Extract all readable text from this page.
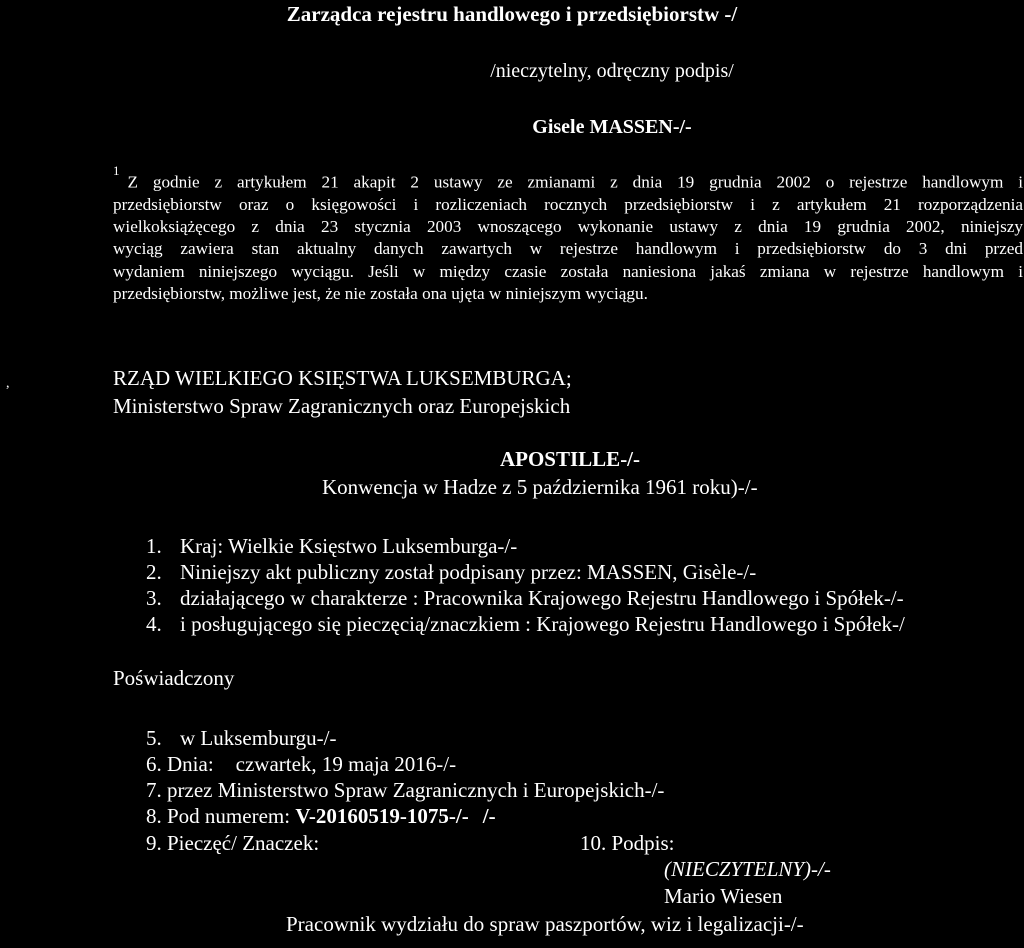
,
Zarządca rejestru handlowego i przedsiębiorstw -/
/nieczytelny, odręczny podpis/
Gisele MASSEN-/-
$^1$Z godnie z artykułem 21 akapit 2 ustawy ze zmianami z dnia 19 grudnia 2002 o rejestrze handlowym i
przedsiębiorstw oraz o księgowości i rozliczeniach rocznych przedsiębiorstw i z artykułem 21 rozporządzenia
wielkoksiążęcego z dnia 23 stycznia 2003 wnoszącego wykonanie ustawy z dnia 19 grudnia 2002, niniejszy
wyciąg zawiera stan aktualny danych zawartych w rejestrze handlowym i przedsiębiorstw do 3 dni przed
wydaniem niniejszego wyciągu. Jeśli w między czasie została naniesiona jakaś zmiana w rejestrze handlowym i
przedsiębiorstw, możliwe jest, że nie została ona ujęta w niniejszym wyciągu.
RZĄD WIELKIEGO KSIĘSTWA LUKSEMBURGA;
Ministerstwo Spraw Zagranicznych oraz Europejskich
APOSTILLE-/-
Konwencja w Hadze z 5 października 1961 roku)-/-
1. Kraj: Wielkie Księstwo Luksemburga-/-
2. Niniejszy akt publiczny został podpisany przez: MASSEN, Gisèle-/-
3. działającego w charakterze : Pracownika Krajowego Rejestru Handlowego i Spółek-/-
4. i posługującego się pieczęcią/znaczkiem : Krajowego Rejestru Handlowego i Spółek-/
Poświadczony
5. w Luksemburgu-/-
6. Dnia: czwartek, 19 maja 2016-/-
7. przez Ministerstwo Spraw Zagranicznych i Europejskich-/-
8. Pod numerem: V-20160519-1075-/- /-
9. Pieczęć/ Znaczek:	10. Podpis:
(NIECZYTELNY)-/-
Mario Wiesen
Pracownik wydziału do spraw paszportów, wiz i legalizacji-/-
